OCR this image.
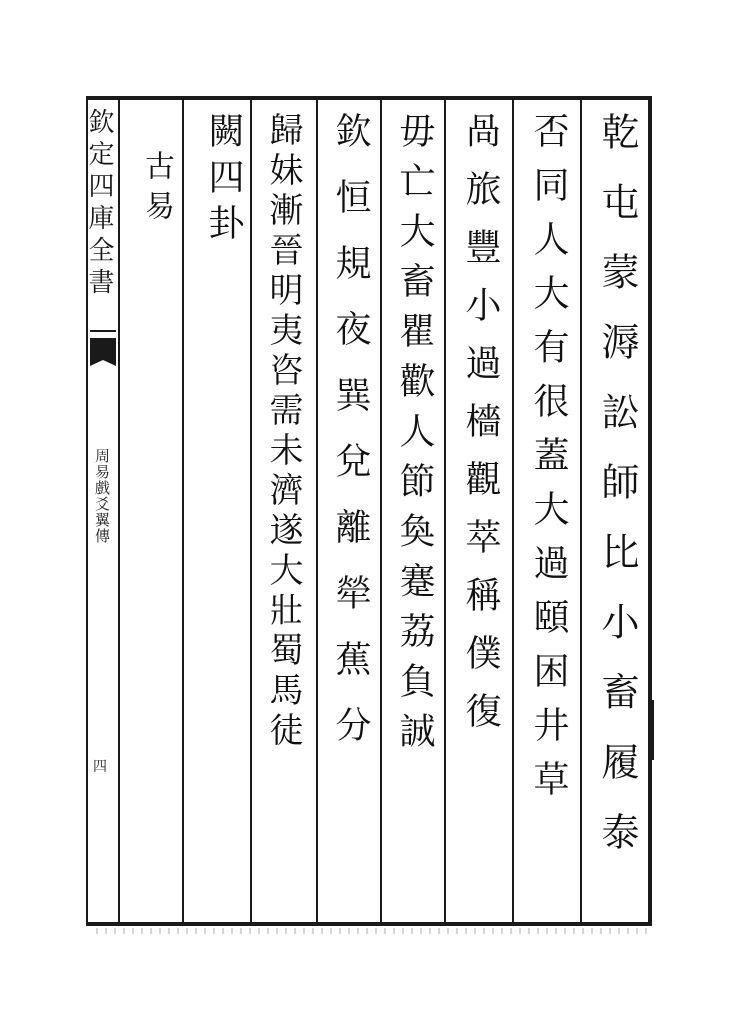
欽定四庫全書
周易戲爻翼傳
四	乾屯蒙溽訟師比小畜履泰
否同人大有很蓋大過頤困井草
咼旅豐小過檣觀萃稱僕復
毋亡大畜瞿歡人節奐蹇荔負誠
欽恒規夜巽兌離犖蕉分
歸妹漸晉明夷咨需未濟遂大壯蜀馬徒
闕四卦
古易
